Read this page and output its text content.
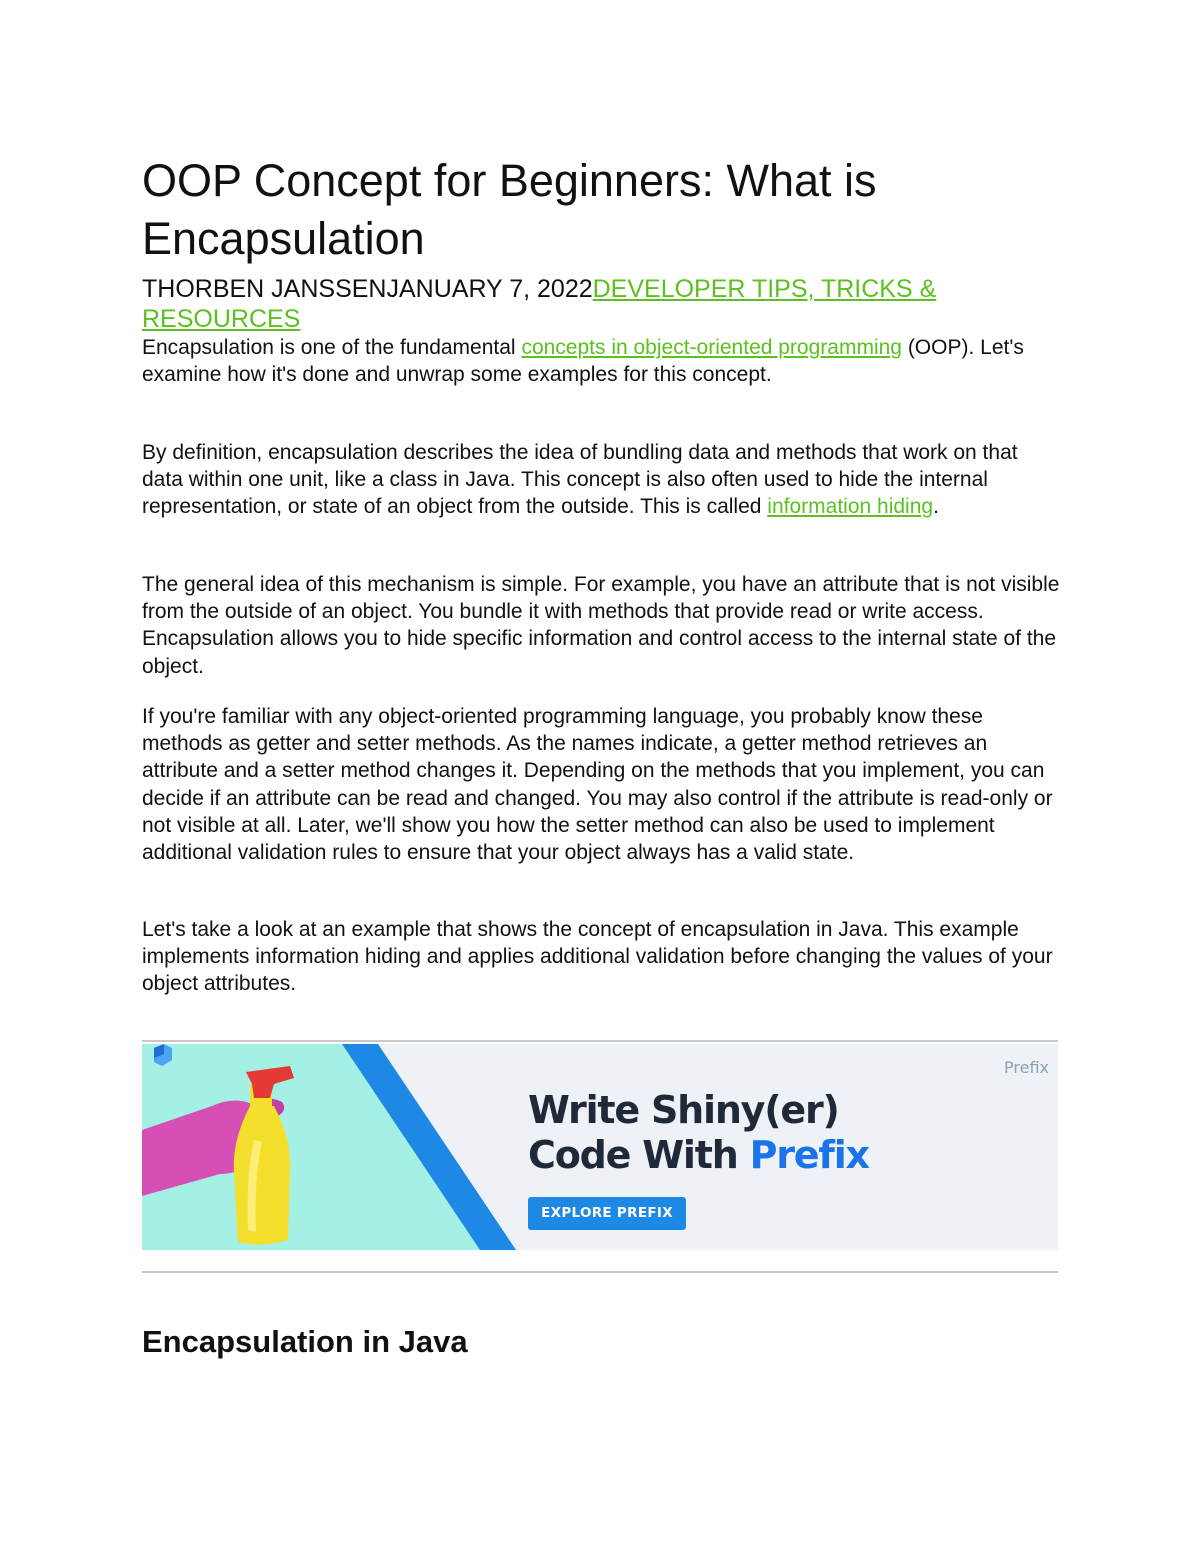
OOP Concept for Beginners: What is Encapsulation
THORBEN JANSSENJANUARY 7, 2022DEVELOPER TIPS, TRICKS & RESOURCES

Encapsulation is one of the fundamental concepts in object-oriented programming (OOP). Let's examine how it's done and unwrap some examples for this concept.

By definition, encapsulation describes the idea of bundling data and methods that work on that data within one unit, like a class in Java. This concept is also often used to hide the internal representation, or state of an object from the outside. This is called information hiding.

The general idea of this mechanism is simple. For example, you have an attribute that is not visible from the outside of an object. You bundle it with methods that provide read or write access. Encapsulation allows you to hide specific information and control access to the internal state of the object.

If you're familiar with any object-oriented programming language, you probably know these methods as getter and setter methods. As the names indicate, a getter method retrieves an attribute and a setter method changes it. Depending on the methods that you implement, you can decide if an attribute can be read and changed. You may also control if the attribute is read-only or not visible at all. Later, we'll show you how the setter method can also be used to implement additional validation rules to ensure that your object always has a valid state.

Let's take a look at an example that shows the concept of encapsulation in Java. This example implements information hiding and applies additional validation before changing the values of your object attributes.

Prefix
Write Shiny(er)
Code With Prefix
EXPLORE PREFIX
Encapsulation in Java
